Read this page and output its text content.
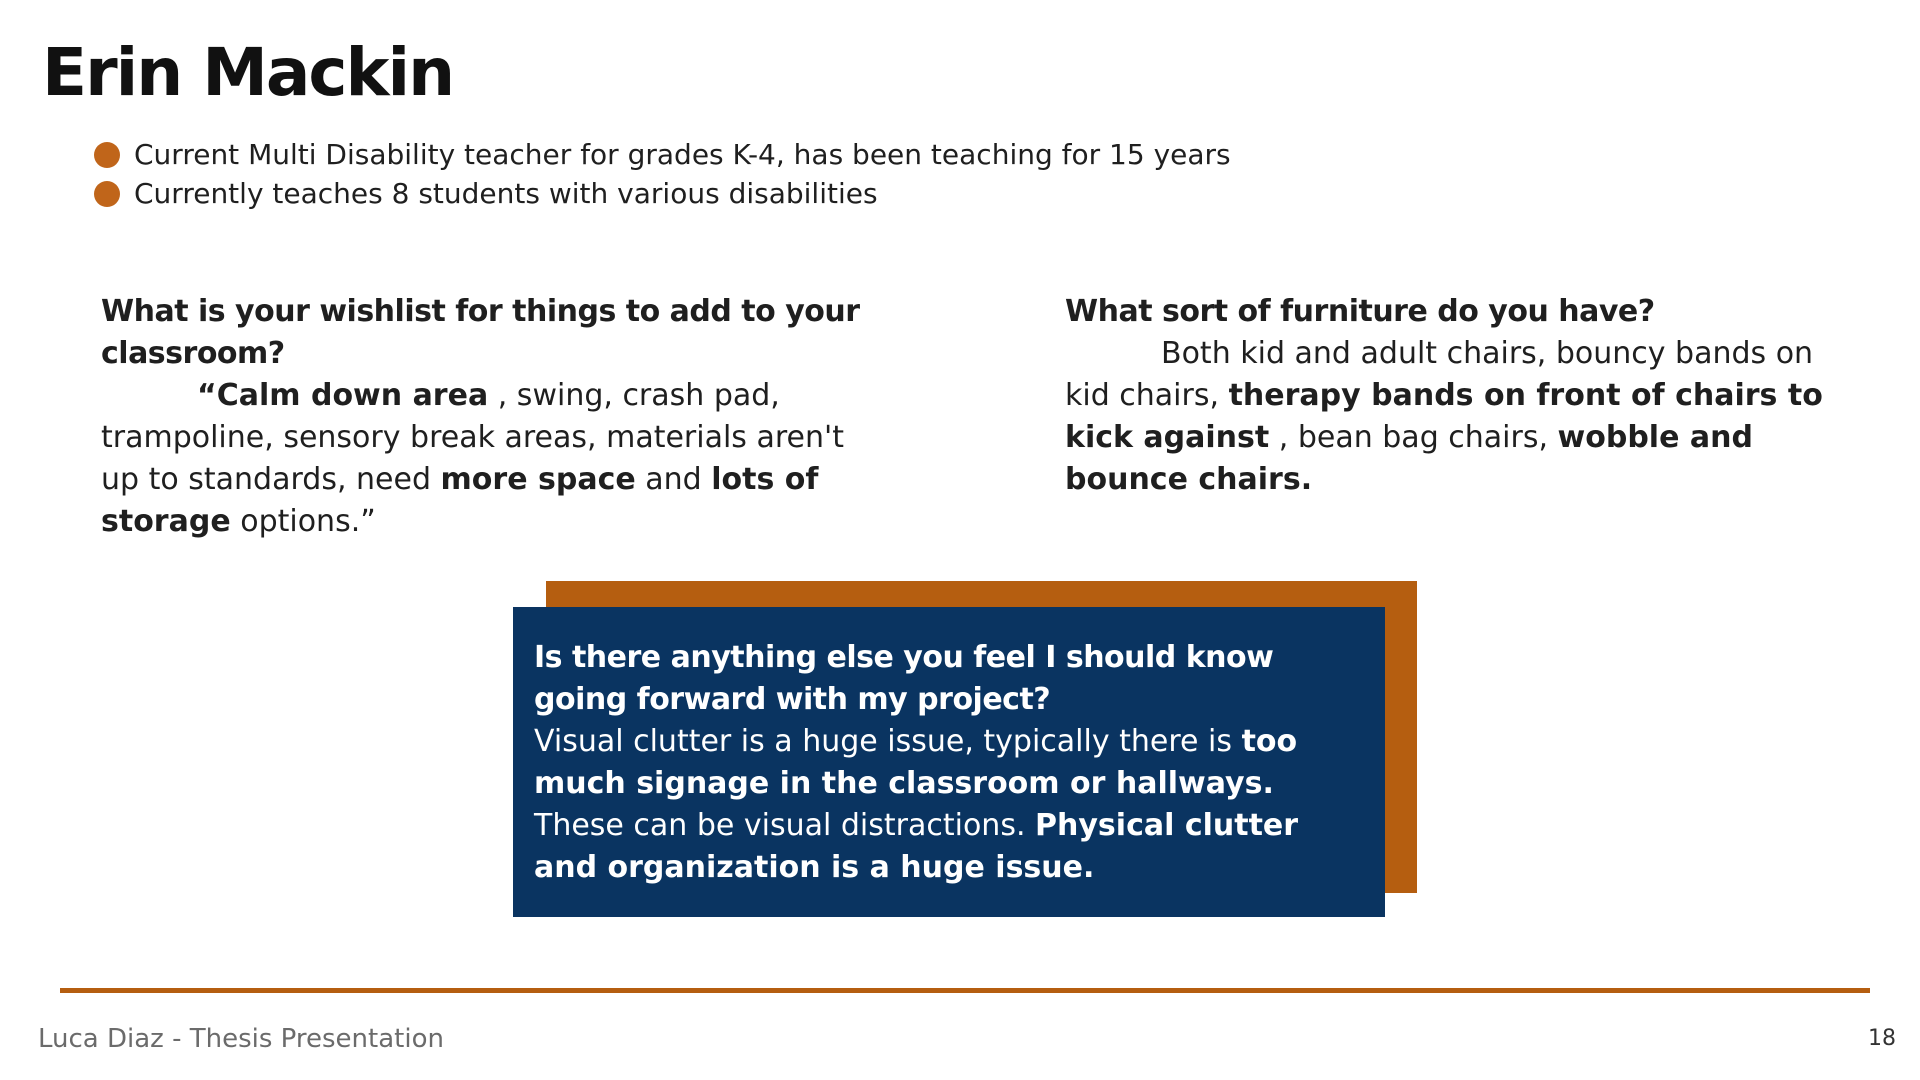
Erin Mackin
Current Multi Disability teacher for grades K-4, has been teaching for 15 years
Currently teaches 8 students with various disabilities
What is your wishlist for things to add to your classroom?
“Calm down area , swing, crash pad, trampoline, sensory break areas, materials aren't up to standards, need more space and lots of storage options.”
What sort of furniture do you have?
Both kid and adult chairs, bouncy bands on kid chairs, therapy bands on front of chairs to kick against , bean bag chairs, wobble and bounce chairs.
Is there anything else you feel I should know going forward with my project?
Visual clutter is a huge issue, typically there is too much signage in the classroom or hallways.      These can be visual distractions. Physical clutter and organization is a huge issue.
Luca Diaz - Thesis Presentation	18
